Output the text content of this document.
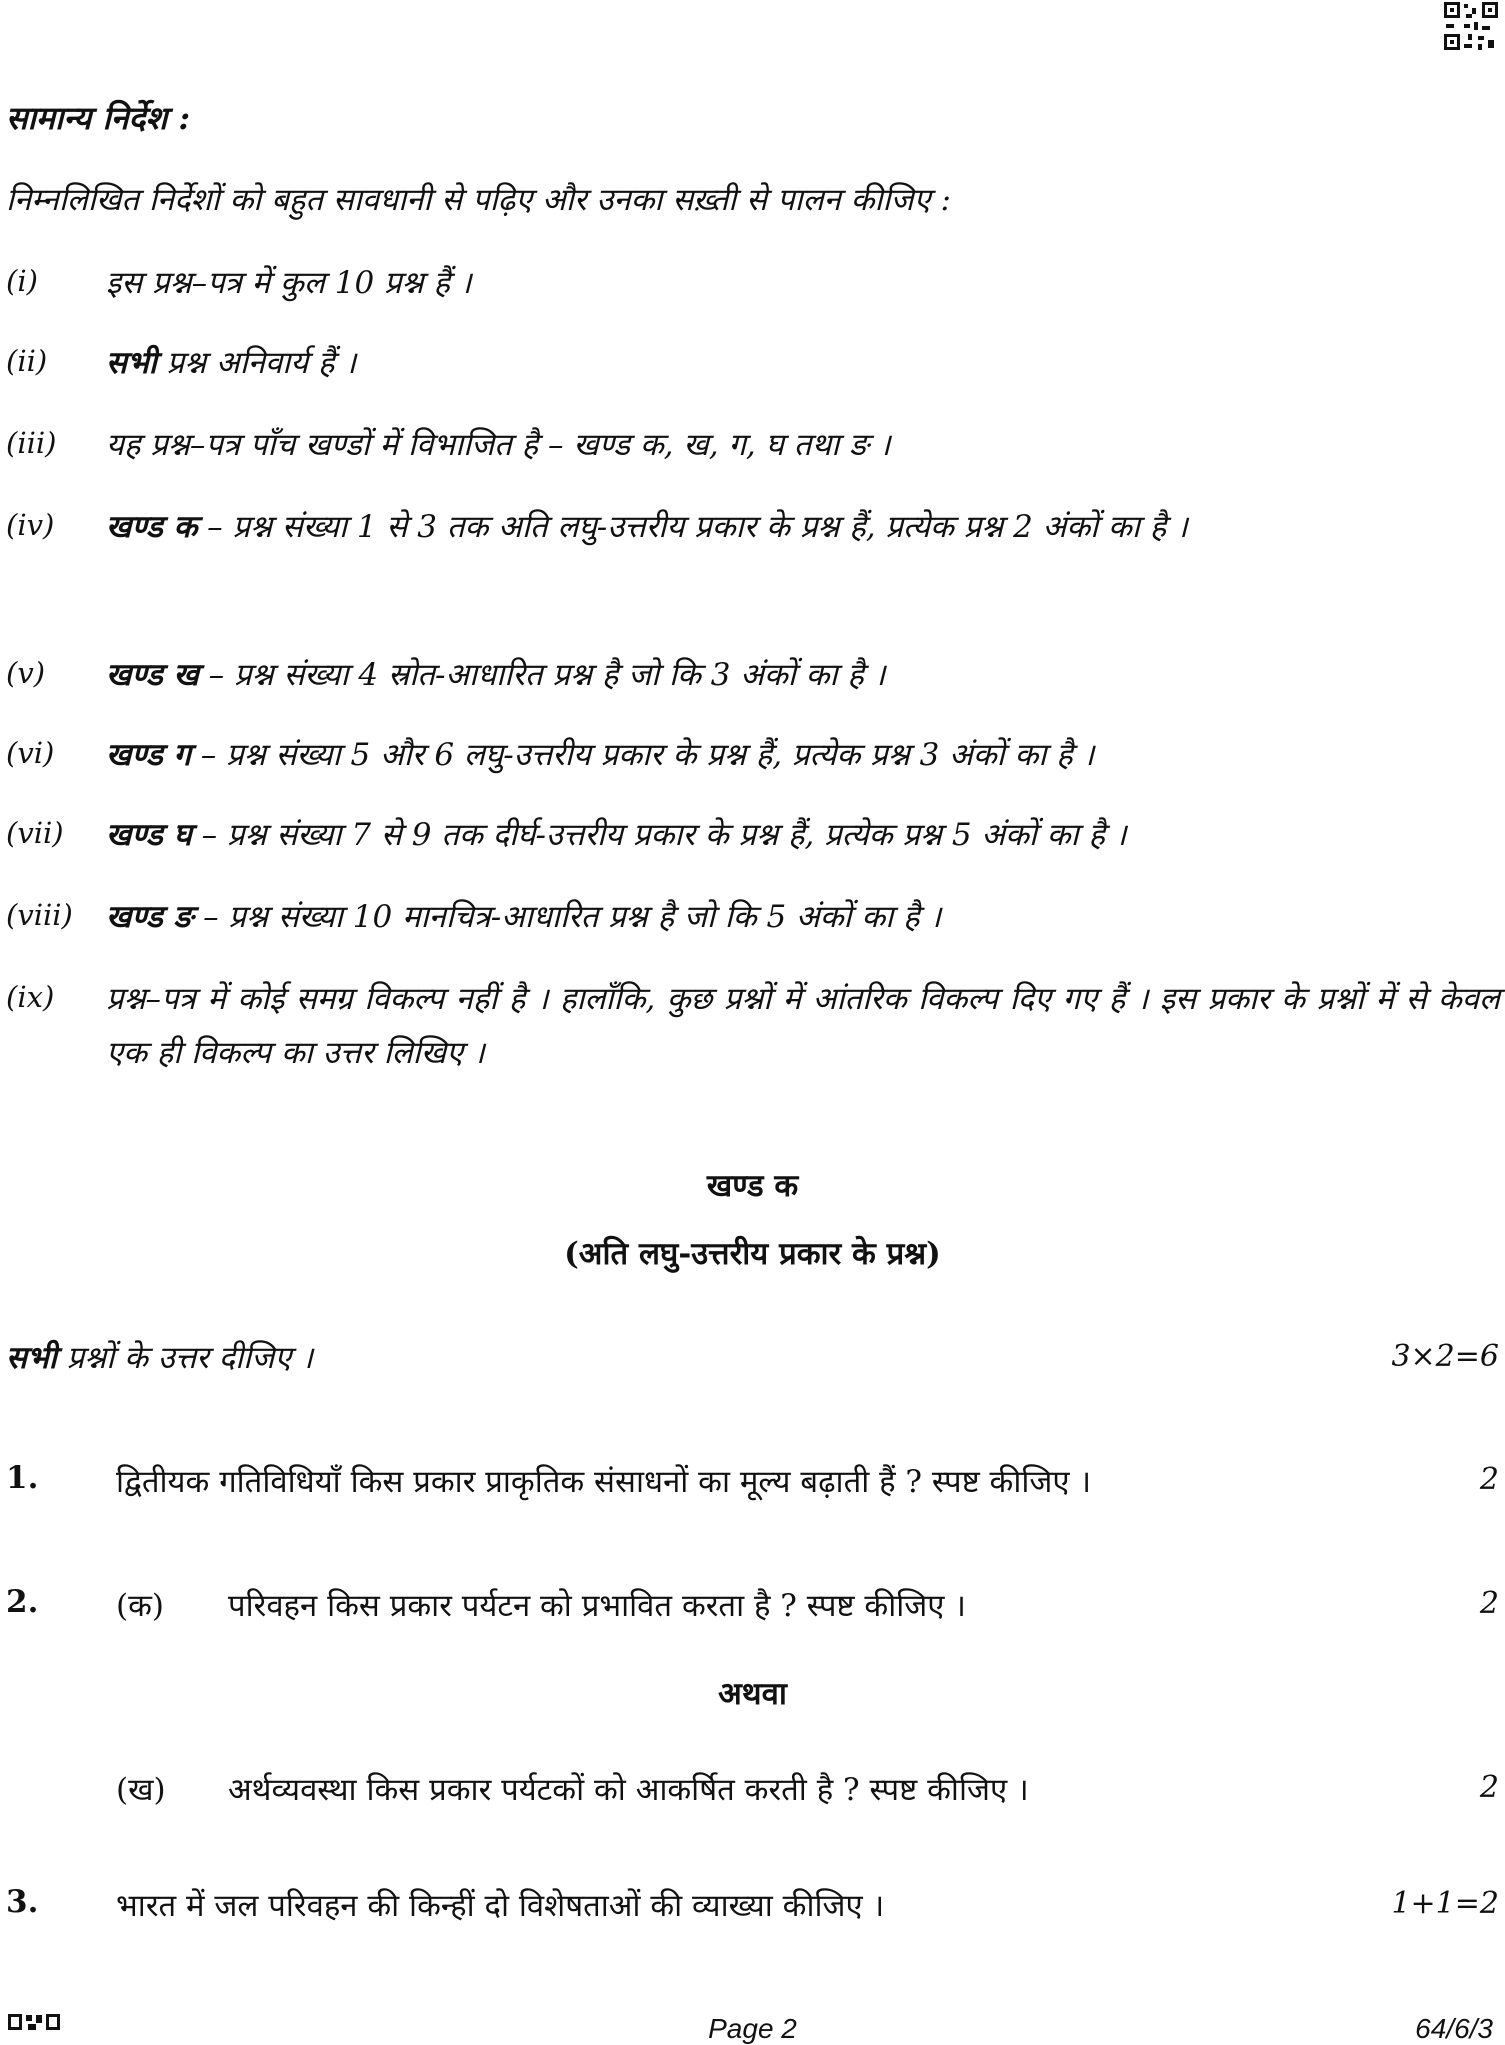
सामान्य निर्देश :
निम्नलिखित निर्देशों को बहुत सावधानी से पढ़िए और उनका सख़्ती से पालन कीजिए :
(i) इस प्रश्न–पत्र में कुल 10 प्रश्न हैं ।
(ii) सभी प्रश्न अनिवार्य हैं ।
(iii) यह प्रश्न–पत्र पाँच खण्डों में विभाजित है – खण्ड क, ख, ग, घ तथा ङ ।
(iv) खण्ड क – प्रश्न संख्या 1 से 3 तक अति लघु-उत्तरीय प्रकार के प्रश्न हैं, प्रत्येक प्रश्न 2 अंकों का है ।
(v) खण्ड ख – प्रश्न संख्या 4 स्रोत-आधारित प्रश्न है जो कि 3 अंकों का है ।
(vi) खण्ड ग – प्रश्न संख्या 5 और 6 लघु-उत्तरीय प्रकार के प्रश्न हैं, प्रत्येक प्रश्न 3 अंकों का है ।
(vii) खण्ड घ – प्रश्न संख्या 7 से 9 तक दीर्घ-उत्तरीय प्रकार के प्रश्न हैं, प्रत्येक प्रश्न 5 अंकों का है ।
(viii) खण्ड ङ – प्रश्न संख्या 10 मानचित्र-आधारित प्रश्न है जो कि 5 अंकों का है ।
(ix) प्रश्न–पत्र में कोई समग्र विकल्प नहीं है । हालाँकि, कुछ प्रश्नों में आंतरिक विकल्प दिए गए हैं । इस प्रकार के प्रश्नों में से केवल एक ही विकल्प का उत्तर लिखिए ।
खण्ड क
(अति लघु-उत्तरीय प्रकार के प्रश्न)
सभी प्रश्नों के उत्तर दीजिए ।	3×2=6
1.	द्वितीयक गतिविधियाँ किस प्रकार प्राकृतिक संसाधनों का मूल्य बढ़ाती हैं ? स्पष्ट कीजिए ।	2
2.	(क) परिवहन किस प्रकार पर्यटन को प्रभावित करता है ? स्पष्ट कीजिए ।	2
अथवा
(ख) अर्थव्यवस्था किस प्रकार पर्यटकों को आकर्षित करती है ? स्पष्ट कीजिए ।	2
3.	भारत में जल परिवहन की किन्हीं दो विशेषताओं की व्याख्या कीजिए ।	1+1=2
Page 2	64/6/3
